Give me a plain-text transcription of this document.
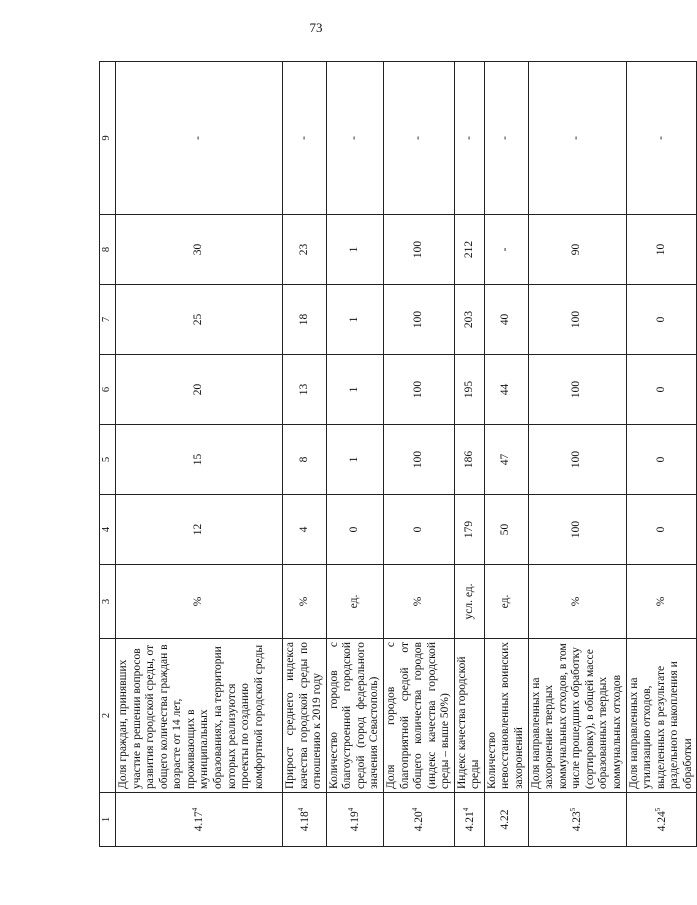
73
1	2	3	4	5	6	7	8	9
4.17$^4$	Доля граждан, принявших участие в решении вопросов развития городской среды, от общего количества граждан в возрасте от 14 лет, проживающих в муниципальных образованиях, на территории которых реализуются проекты по созданию комфортной городской среды	%	12	15	20	25	30	-
4.18$^4$	Прирост среднего индекса качества городской среды по отношению к 2019 году	%	4	8	13	18	23	-
4.19$^4$	Количество городов с благоустроенной городской средой (город федерального значения Севастополь)	ед.	0	1	1	1	1	-
4.20$^4$	Доля городов с благоприятной средой от общего количества городов (индекс качества городской среды – выше 50%)	%	0	100	100	100	100	-
4.21$^4$	Индекс качества городской среды	усл. ед.	179	186	195	203	212	-
4.22	Количество невосстановленных воинских захоронений	ед.	50	47	44	40	-	-
4.23$^5$	Доля направленных на захоронение твердых коммунальных отходов, в том числе прошедших обработку (сортировку), в общей массе образованных твердых коммунальных отходов	%	100	100	100	100	90	-
4.24$^5$	Доля направленных на утилизацию отходов, выделенных в результате раздельного накопления и обработки	%	0	0	0	0	10	-
